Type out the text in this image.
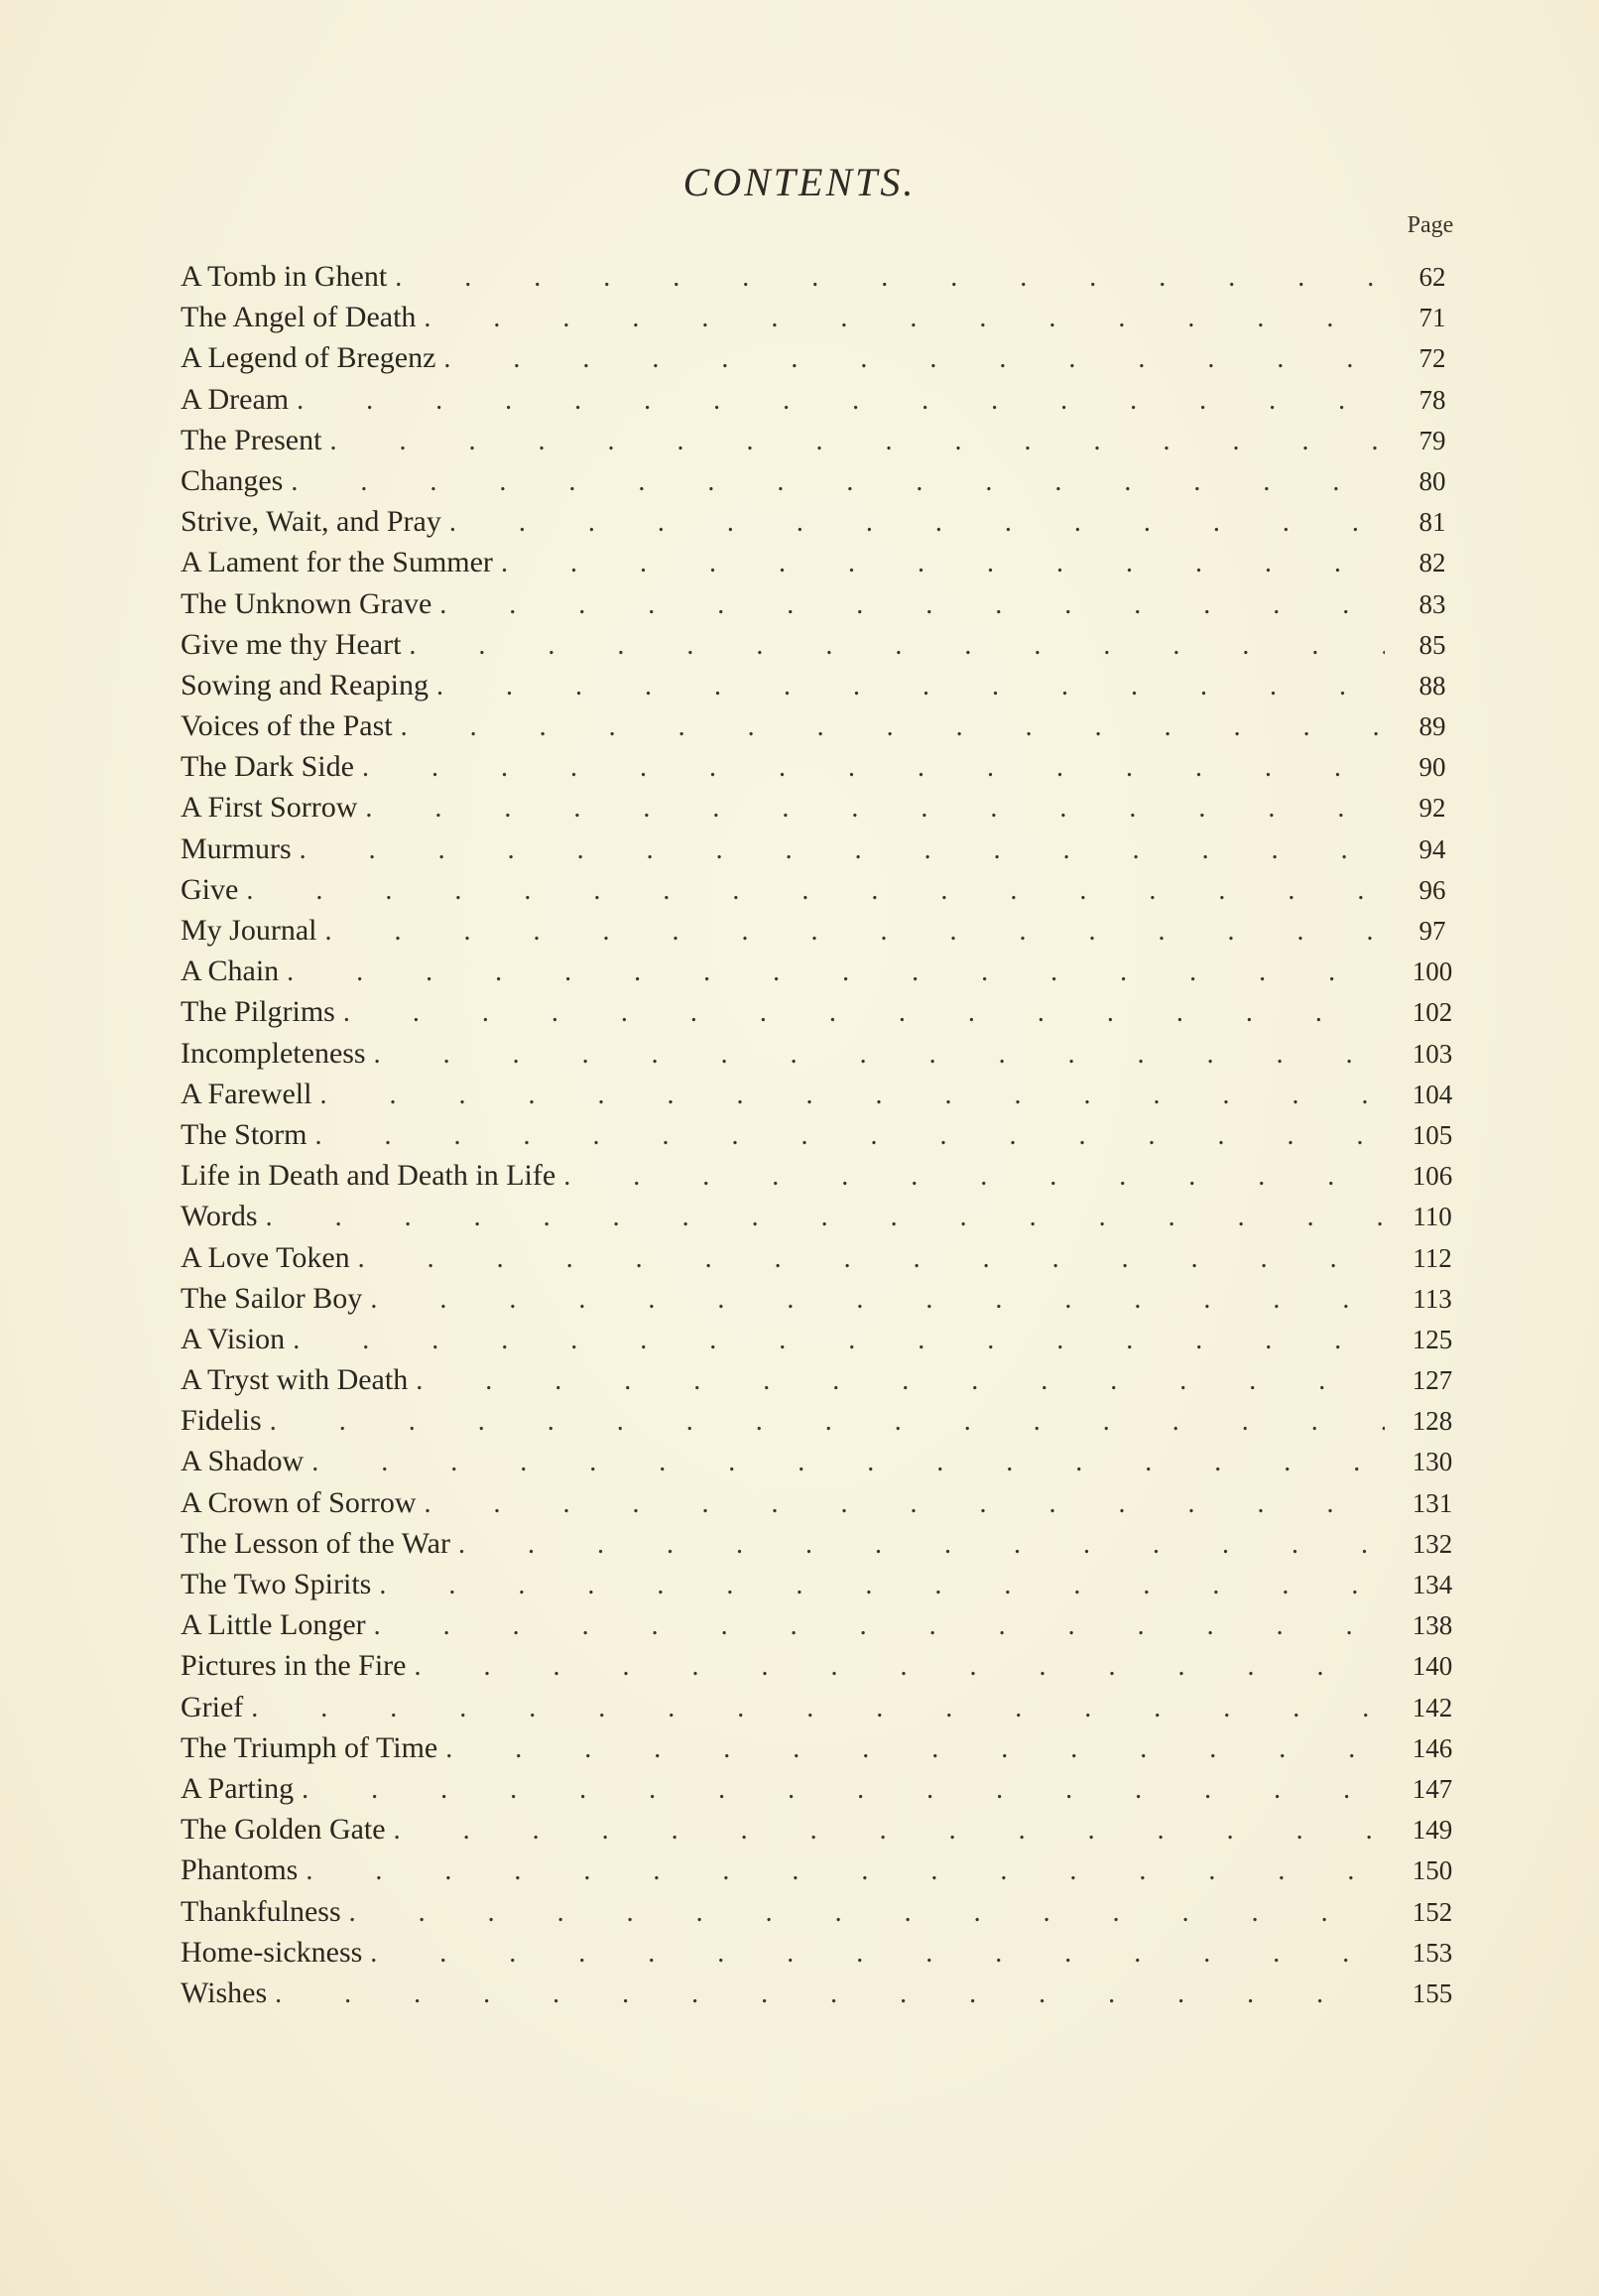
CONTENTS.
Page
A Tomb in Ghent . . .	62
The Angel of Death . . .	71
A Legend of Bregenz . . .	72
A Dream . . .	78
The Present . . .	79
Changes . . .	80
Strive, Wait, and Pray . . .	81
A Lament for the Summer . . .	82
The Unknown Grave . . .	83
Give me thy Heart . . .	85
Sowing and Reaping . . .	88
Voices of the Past . . .	89
The Dark Side . . .	90
A First Sorrow . . .	92
Murmurs . . .	94
Give . . .	96
My Journal . . .	97
A Chain . . .	100
The Pilgrims . . .	102
Incompleteness . . .	103
A Farewell . . .	104
The Storm . . .	105
Life in Death and Death in Life . . .	106
Words . . .	110
A Love Token . . .	112
The Sailor Boy . . .	113
A Vision . . .	125
A Tryst with Death . . .	127
Fidelis . . .	128
A Shadow . . .	130
A Crown of Sorrow . . .	131
The Lesson of the War . . .	132
The Two Spirits . . .	134
A Little Longer . . .	138
Pictures in the Fire . . .	140
Grief . . .	142
The Triumph of Time . . .	146
A Parting . . .	147
The Golden Gate . . .	149
Phantoms . . .	150
Thankfulness . . .	152
Home-sickness . . .	153
Wishes . . .	155
